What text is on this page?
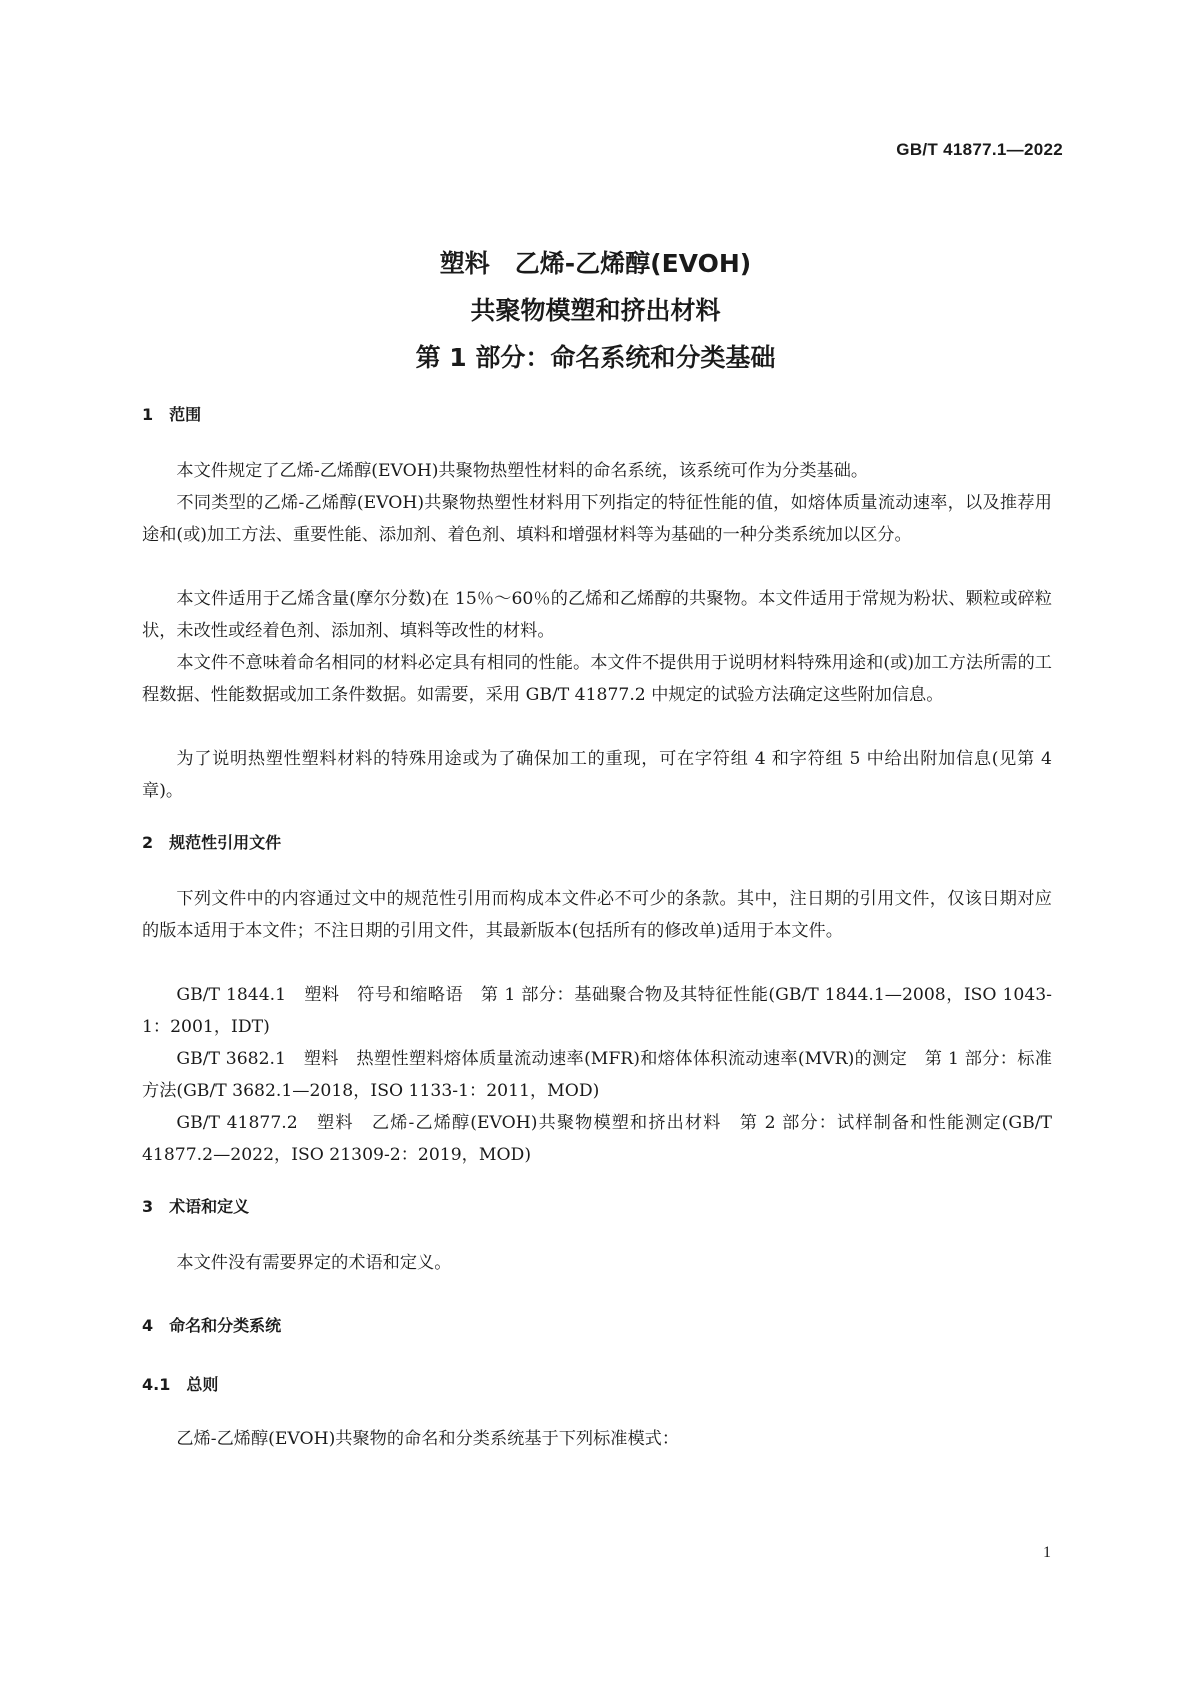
GB/T 41877.1—2022
塑料　乙烯-乙烯醇(EVOH)
共聚物模塑和挤出材料
第 1 部分：命名系统和分类基础
1　范围

本文件规定了乙烯-乙烯醇(EVOH)共聚物热塑性材料的命名系统，该系统可作为分类基础。

不同类型的乙烯-乙烯醇(EVOH)共聚物热塑性材料用下列指定的特征性能的值，如熔体质量流动速率，以及推荐用途和(或)加工方法、重要性能、添加剂、着色剂、填料和增强材料等为基础的一种分类系统加以区分。

本文件适用于乙烯含量(摩尔分数)在 15％～60％的乙烯和乙烯醇的共聚物。本文件适用于常规为粉状、颗粒或碎粒状，未改性或经着色剂、添加剂、填料等改性的材料。

本文件不意味着命名相同的材料必定具有相同的性能。本文件不提供用于说明材料特殊用途和(或)加工方法所需的工程数据、性能数据或加工条件数据。如需要，采用 GB/T 41877.2 中规定的试验方法确定这些附加信息。

为了说明热塑性塑料材料的特殊用途或为了确保加工的重现，可在字符组 4 和字符组 5 中给出附加信息(见第 4 章)。

2　规范性引用文件

下列文件中的内容通过文中的规范性引用而构成本文件必不可少的条款。其中，注日期的引用文件，仅该日期对应的版本适用于本文件；不注日期的引用文件，其最新版本(包括所有的修改单)适用于本文件。

GB/T 1844.1　塑料　符号和缩略语　第 1 部分：基础聚合物及其特征性能(GB/T 1844.1—2008，ISO 1043-1：2001，IDT)

GB/T 3682.1　塑料　热塑性塑料熔体质量流动速率(MFR)和熔体体积流动速率(MVR)的测定　第 1 部分：标准方法(GB/T 3682.1—2018，ISO 1133-1：2011，MOD)

GB/T 41877.2　塑料　乙烯-乙烯醇(EVOH)共聚物模塑和挤出材料　第 2 部分：试样制备和性能测定(GB/T 41877.2—2022，ISO 21309-2：2019，MOD)

3　术语和定义

本文件没有需要界定的术语和定义。

4　命名和分类系统
4.1　总则

乙烯-乙烯醇(EVOH)共聚物的命名和分类系统基于下列标准模式：

1
